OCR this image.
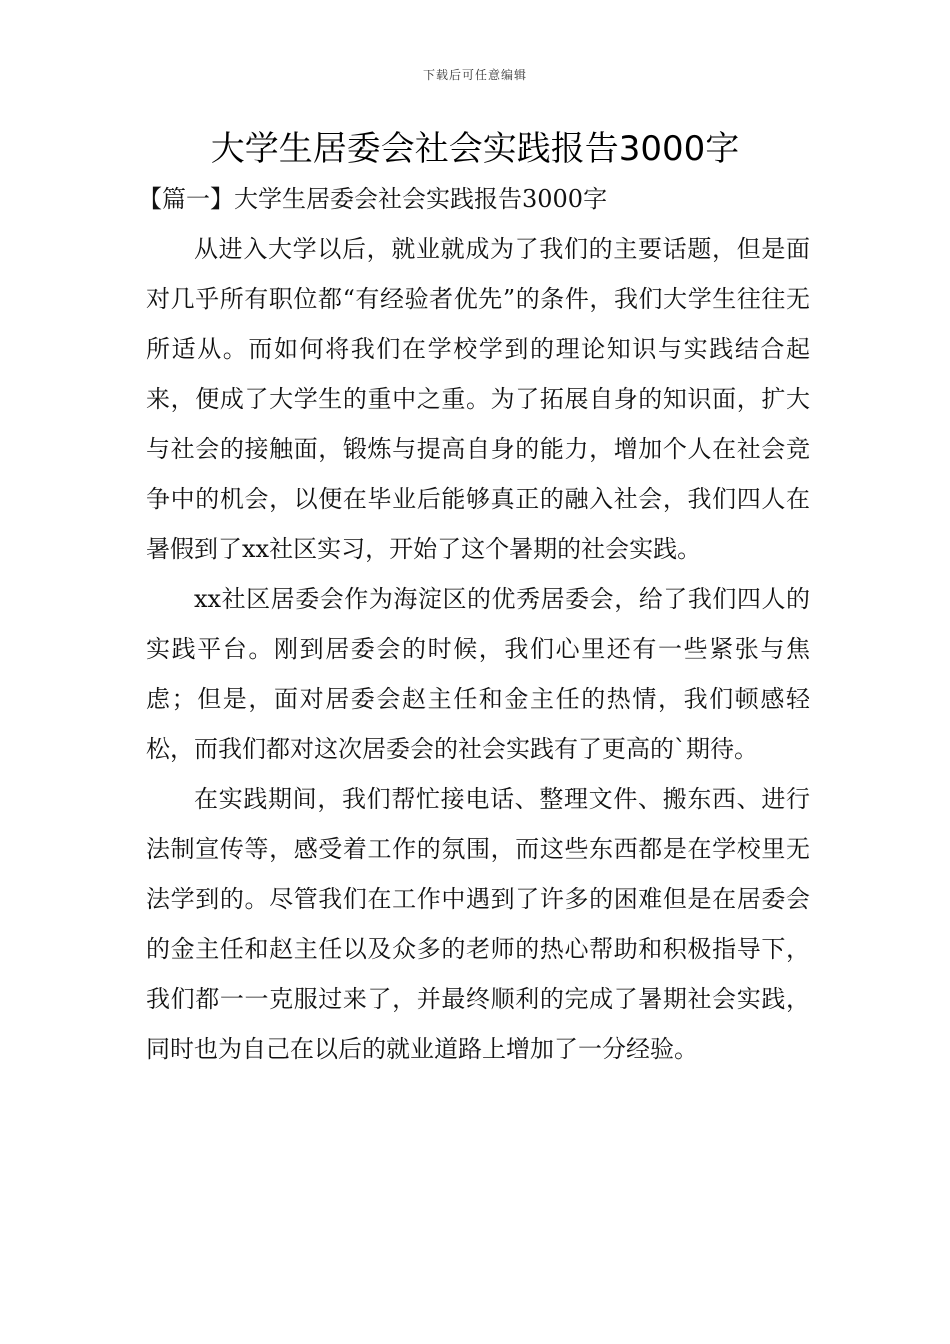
下载后可任意编辑
大学生居委会社会实践报告3000字
【篇一】大学生居委会社会实践报告3000字

从进入大学以后，就业就成为了我们的主要话题，但是面对几乎所有职位都“有经验者优先”的条件，我们大学生往往无所适从。而如何将我们在学校学到的理论知识与实践结合起来，便成了大学生的重中之重。为了拓展自身的知识面，扩大与社会的接触面，锻炼与提高自身的能力，增加个人在社会竞争中的机会，以便在毕业后能够真正的融入社会，我们四人在暑假到了xx社区实习，开始了这个暑期的社会实践。

xx社区居委会作为海淀区的优秀居委会，给了我们四人的实践平台。刚到居委会的时候，我们心里还有一些紧张与焦虑；但是，面对居委会赵主任和金主任的热情，我们顿感轻松，而我们都对这次居委会的社会实践有了更高的`期待。

在实践期间，我们帮忙接电话、整理文件、搬东西、进行法制宣传等，感受着工作的氛围，而这些东西都是在学校里无法学到的。尽管我们在工作中遇到了许多的困难但是在居委会的金主任和赵主任以及众多的老师的热心帮助和积极指导下，我们都一一克服过来了，并最终顺利的完成了暑期社会实践，同时也为自己在以后的就业道路上增加了一分经验。
